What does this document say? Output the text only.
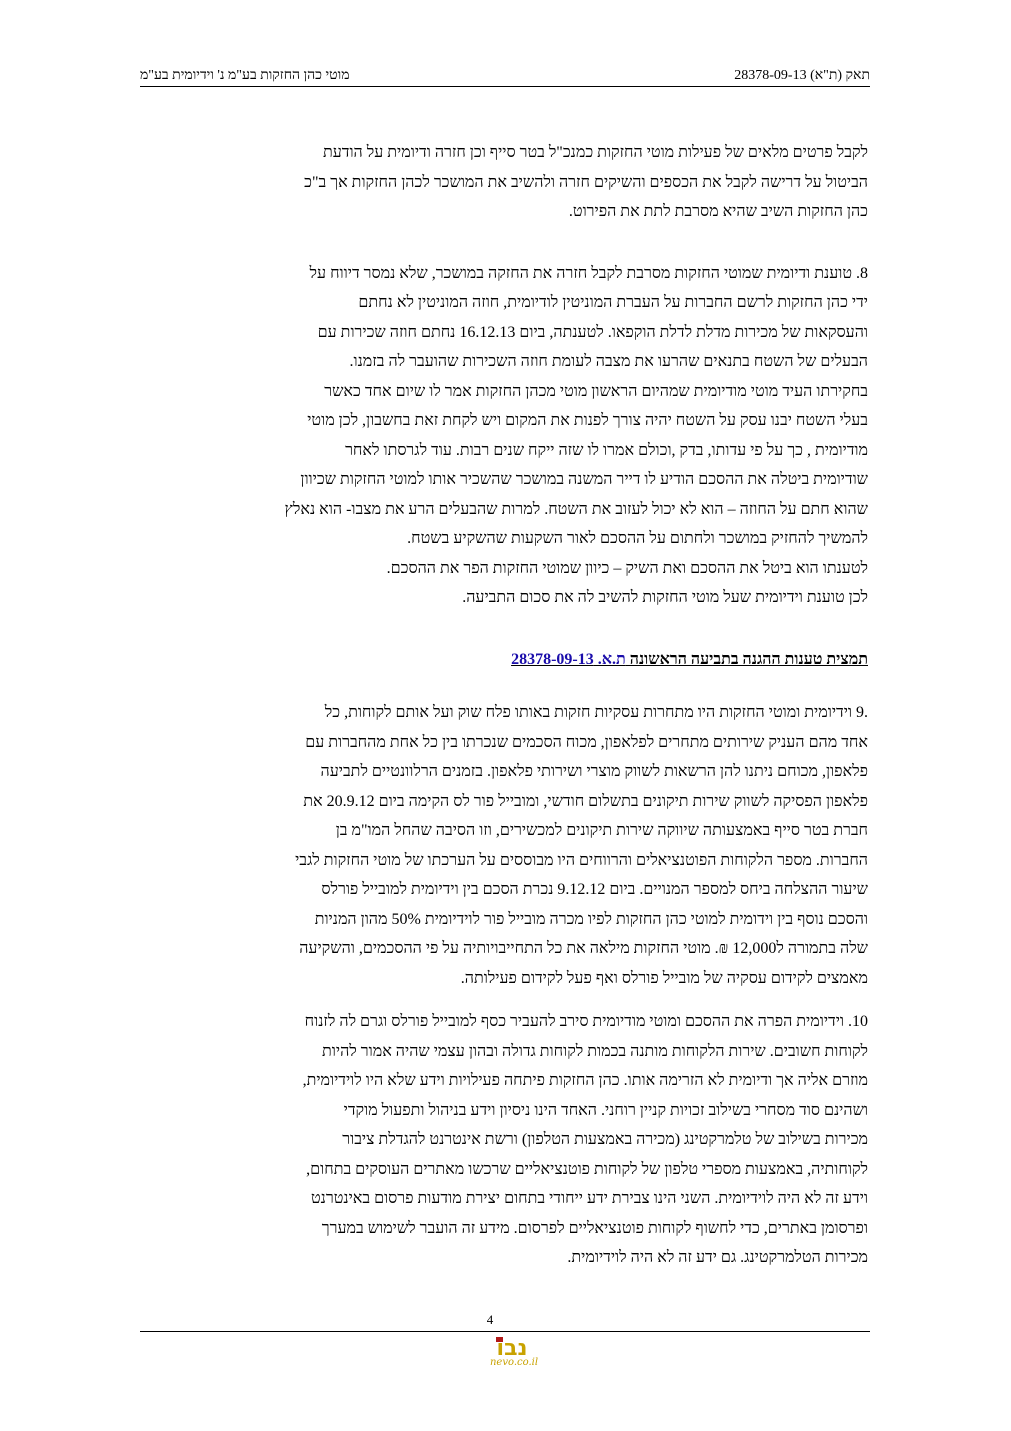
תאק (ת"א) 28378-09-13
מוטי כהן החזקות בע"מ נ' וידיומית בע"מ

לקבל פרטים מלאים של פעילות מוטי החזקות כמנכ"ל בטר סייף וכן חזרה ודיומית על הודעת
הביטול על דרישה לקבל את הכספים והשיקים חזרה ולהשיב את המושכר לכהן החזקות אך ב"כ
כהן החזקות השיב שהיא מסרבת לתת את הפירוט.

8. טוענת ודיומית שמוטי החזקות מסרבת לקבל חזרה את החזקה במושכר, שלא נמסר דיווח על
ידי כהן החזקות לרשם החברות על העברת המוניטין לודיומית, חוזה המוניטין לא נחתם
והעסקאות של מכירות מדלת לדלת הוקפאו. לטענתה, ביום 16.12.13 נחתם חוזה שכירות עם
הבעלים של השטח בתנאים שהרעו את מצבה לעומת חוזה השכירות שהועבר לה בזמנו.
בחקירתו העיד מוטי מודיומית שמהיום הראשון מוטי מכהן החזקות אמר לו שיום אחד כאשר
בעלי השטח יבנו עסק על השטח יהיה צורך לפנות את המקום ויש לקחת זאת בחשבון, לכן מוטי
מודיומית , כך על פי עדותו, בדק ,וכולם אמרו לו שזה ייקח שנים רבות. עוד לגרסתו לאחר
שודיומית ביטלה את ההסכם הודיע לו דייר המשנה במושכר שהשכיר אותו למוטי החזקות שכיוון
שהוא חתם על החוזה – הוא לא יכול לעזוב את השטח. למרות שהבעלים הרע את מצבו- הוא נאלץ
להמשיך להחזיק במושכר ולחתום על ההסכם לאור השקעות שהשקיע בשטח.
לטענתו הוא ביטל את ההסכם ואת השיק – כיוון שמוטי החזקות הפר את ההסכם.
לכן טוענת וידיומית שעל מוטי החזקות להשיב לה את סכום התביעה.

תמצית טענות ההגנה בתביעה הראשונה ת.א. 28378-09-13

.9 וידיומית ומוטי החזקות היו מתחרות עסקיות חזקות באותו פלח שוק ועל אותם לקוחות, כל
אחד מהם העניק שירותים מתחרים לפלאפון, מכוח הסכמים שנכרתו בין כל אחת מהחברות עם
פלאפון, מכוחם ניתנו להן הרשאות לשווק מוצרי ושירותי פלאפון. בזמנים הרלוונטיים לתביעה
פלאפון הפסיקה לשווק שירות תיקונים בתשלום חודשי, ומובייל פור לס הקימה ביום 20.9.12 את
חברת בטר סייף באמצעותה שיווקה שירות תיקונים למכשירים, וזו הסיבה שהחל המו"מ בן
החברות. מספר הלקוחות הפוטנציאלים והרווחים היו מבוססים על הערכתו של מוטי החזקות לגבי
שיעור ההצלחה ביחס למספר המנויים. ביום 9.12.12 נכרת הסכם בין וידיומית למובייל פורלס
והסכם נוסף בין וידומית למוטי כהן החזקות לפיו מכרה מובייל פור לוידיומית 50% מהון המניות
שלה בתמורה ל12,000 ₪. מוטי החזקות מילאה את כל התחייבויותיה על פי ההסכמים, והשקיעה
מאמצים לקידום עסקיה של מובייל פורלס ואף פעל לקידום פעילותה.

10. וידיומית הפרה את ההסכם ומוטי מודיומית סירב להעביר כסף למובייל פורלס וגרם לה לזנוח
לקוחות חשובים. שירות הלקוחות מותנה בכמות לקוחות גדולה ובהון עצמי שהיה אמור להיות
מוזרם אליה אך ודיומית לא הזרימה אותו. כהן החזקות פיתחה פעילויות וידע שלא היו לוידיומית,
ושהינם סוד מסחרי בשילוב זכויות קניין רוחני. האחד הינו ניסיון וידע בניהול ותפעול מוקדי
מכירות בשילוב של טלמרקטינג (מכירה באמצעות הטלפון) ורשת אינטרנט להגדלת ציבור
לקוחותיה, באמצעות מספרי טלפון של לקוחות פוטנציאליים שרכשו מאתרים העוסקים בתחום,
וידע זה לא היה לוידיומית. השני הינו צבירת ידע ייחודי בתחום יצירת מודעות פרסום באינטרנט
ופרסומן באתרים, כדי לחשוף לקוחות פוטנציאליים לפרסום. מידע זה הועבר לשימוש במערך
מכירות הטלמרקטינג. גם ידע זה לא היה לוידיומית.

4
נבו
nevo.co.il
